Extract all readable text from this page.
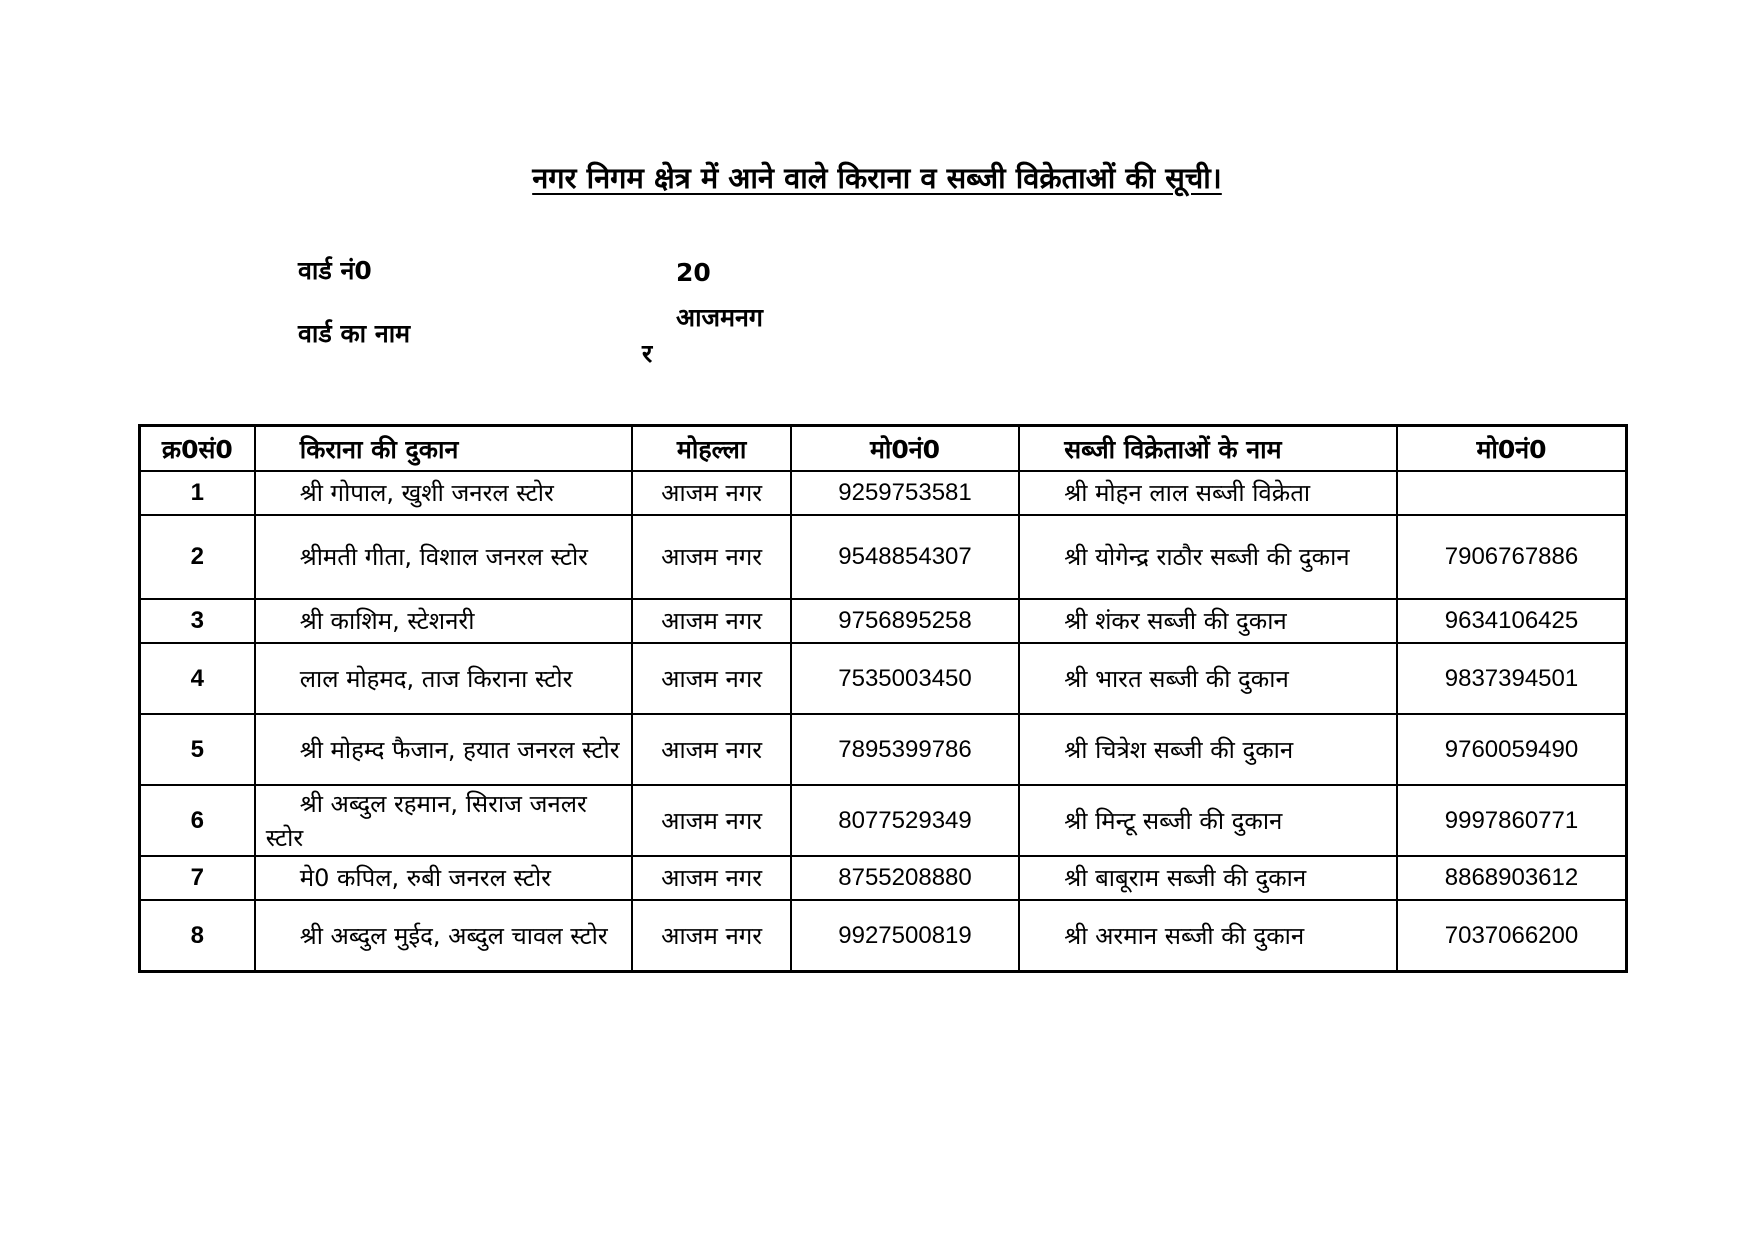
नगर निगम क्षेत्र में आने वाले किराना व सब्जी विक्रेताओं की सूची।
वार्ड नं0	20
वार्ड का नाम
आजमनग
र
क्र0सं0	किराना की दुकान	मोहल्ला	मो0नं0	सब्जी विक्रेताओं के नाम	मो0नं0
1	श्री गोपाल, खुशी जनरल स्टोर	आजम नगर	9259753581	श्री मोहन लाल सब्जी विक्रेता	
2	श्रीमती गीता, विशाल जनरल स्टोर	आजम नगर	9548854307	श्री योगेन्द्र राठौर सब्जी की दुकान	7906767886
3	श्री काशिम, स्टेशनरी	आजम नगर	9756895258	श्री शंकर सब्जी की दुकान	9634106425
4	लाल मोहमद, ताज किराना स्टोर	आजम नगर	7535003450	श्री भारत सब्जी की दुकान	9837394501
5	श्री मोहम्द फैजान, हयात जनरल स्टोर	आजम नगर	7895399786	श्री चित्रेश सब्जी की दुकान	9760059490
6	श्री अब्दुल रहमान, सिराज जनलर स्टोर	आजम नगर	8077529349	श्री मिन्टू सब्जी की दुकान	9997860771
7	मे0 कपिल, रुबी जनरल स्टोर	आजम नगर	8755208880	श्री बाबूराम सब्जी की दुकान	8868903612
8	श्री अब्दुल मुईद, अब्दुल चावल स्टोर	आजम नगर	9927500819	श्री अरमान सब्जी की दुकान	7037066200
